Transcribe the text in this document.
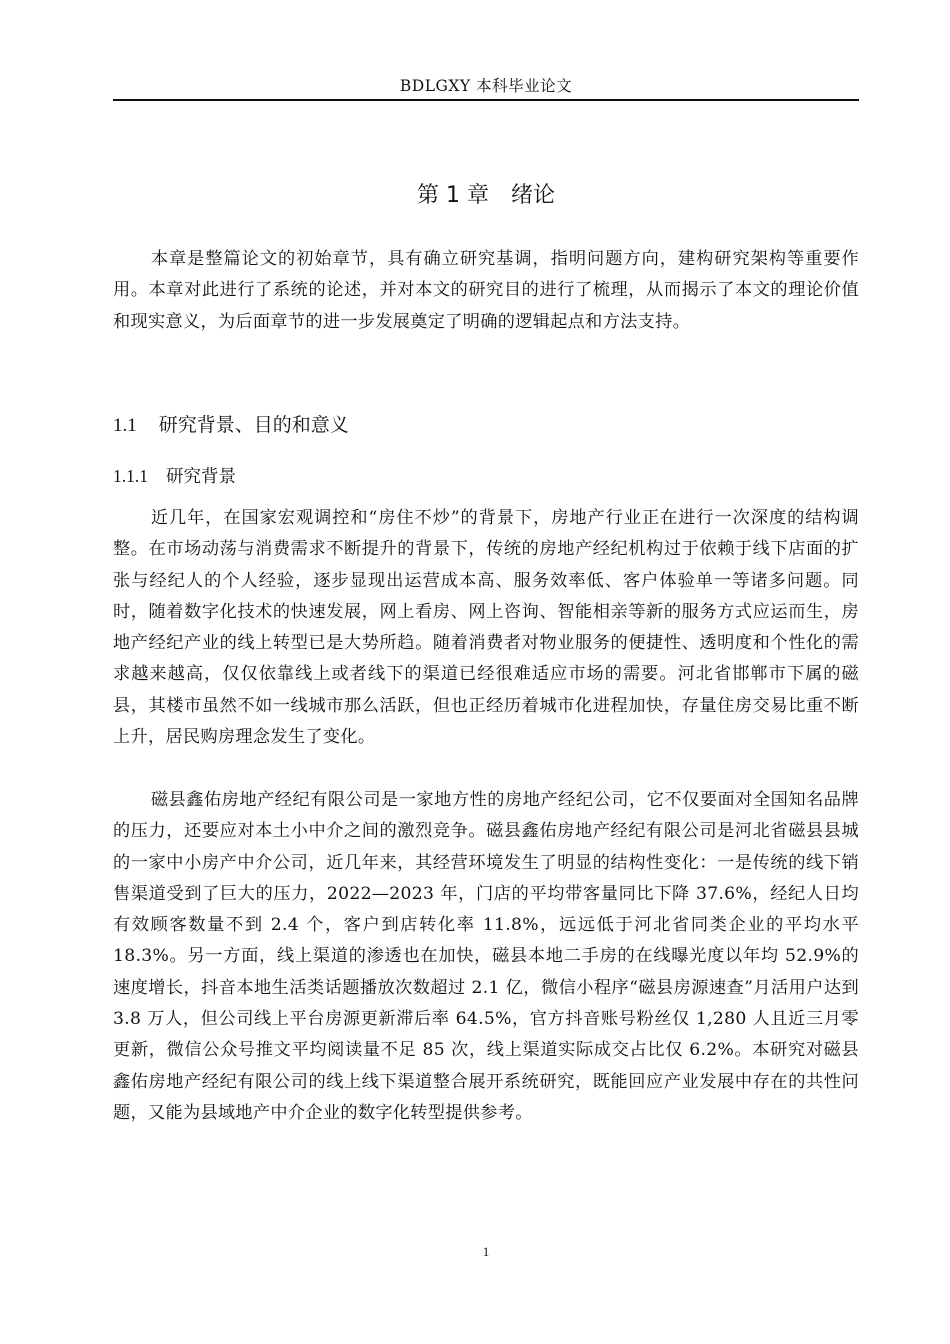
BDLGXY 本科毕业论文
第 1 章　绪论

本章是整篇论文的初始章节，具有确立研究基调，指明问题方向，建构研究架构等重要作用。本章对此进行了系统的论述，并对本文的研究目的进行了梳理，从而揭示了本文的理论价值和现实意义，为后面章节的进一步发展奠定了明确的逻辑起点和方法支持。

1.1 研究背景、目的和意义
1.1.1 研究背景

近几年，在国家宏观调控和“房住不炒”的背景下，房地产行业正在进行一次深度的结构调整。在市场动荡与消费需求不断提升的背景下，传统的房地产经纪机构过于依赖于线下店面的扩张与经纪人的个人经验，逐步显现出运营成本高、服务效率低、客户体验单一等诸多问题。同时，随着数字化技术的快速发展，网上看房、网上咨询、智能相亲等新的服务方式应运而生，房地产经纪产业的线上转型已是大势所趋。随着消费者对物业服务的便捷性、透明度和个性化的需求越来越高，仅仅依靠线上或者线下的渠道已经很难适应市场的需要。河北省邯郸市下属的磁县，其楼市虽然不如一线城市那么活跃，但也正经历着城市化进程加快，存量住房交易比重不断上升，居民购房理念发生了变化。

磁县鑫佑房地产经纪有限公司是一家地方性的房地产经纪公司，它不仅要面对全国知名品牌的压力，还要应对本土小中介之间的激烈竞争。磁县鑫佑房地产经纪有限公司是河北省磁县县城的一家中小房产中介公司，近几年来，其经营环境发生了明显的结构性变化：一是传统的线下销售渠道受到了巨大的压力，2022—2023 年，门店的平均带客量同比下降 37.6%，经纪人日均有效顾客数量不到 2.4 个，客户到店转化率 11.8%，远远低于河北省同类企业的平均水平 18.3%。另一方面，线上渠道的渗透也在加快，磁县本地二手房的在线曝光度以年均 52.9%的速度增长，抖音本地生活类话题播放次数超过 2.1 亿，微信小程序“磁县房源速查”月活用户达到 3.8 万人，但公司线上平台房源更新滞后率 64.5%，官方抖音账号粉丝仅 1,280 人且近三月零更新，微信公众号推文平均阅读量不足 85 次，线上渠道实际成交占比仅 6.2%。本研究对磁县鑫佑房地产经纪有限公司的线上线下渠道整合展开系统研究，既能回应产业发展中存在的共性问题，又能为县域地产中介企业的数字化转型提供参考。

1
